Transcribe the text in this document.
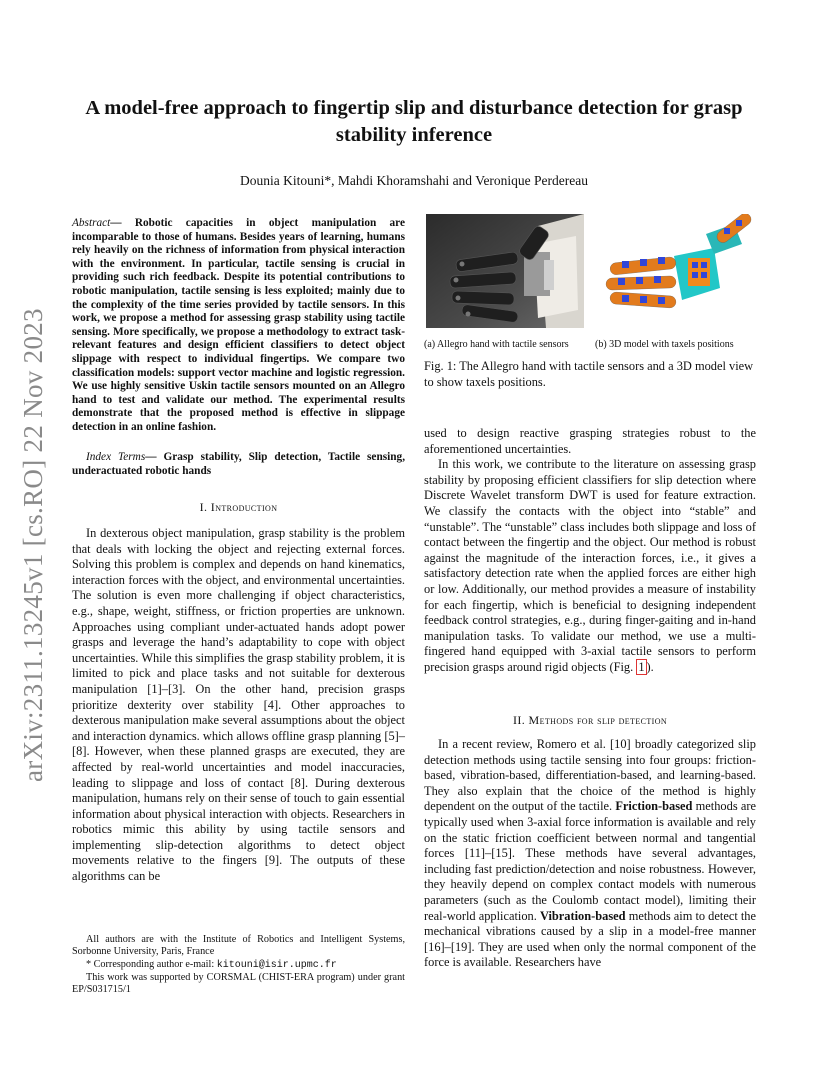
A model-free approach to fingertip slip and disturbance detection for grasp stability inference
Dounia Kitouni*, Mahdi Khoramshahi and Veronique Perdereau
arXiv:2311.13245v1 [cs.RO] 22 Nov 2023
Abstract— Robotic capacities in object manipulation are incomparable to those of humans. Besides years of learning, humans rely heavily on the richness of information from physical interaction with the environment. In particular, tactile sensing is crucial in providing such rich feedback. Despite its potential contributions to robotic manipulation, tactile sensing is less exploited; mainly due to the complexity of the time series provided by tactile sensors. In this work, we propose a method for assessing grasp stability using tactile sensing. More specifically, we propose a methodology to extract task-relevant features and design efficient classifiers to detect object slippage with respect to individual fingertips. We compare two classification models: support vector machine and logistic regression. We use highly sensitive Uskin tactile sensors mounted on an Allegro hand to test and validate our method. The experimental results demonstrate that the proposed method is effective in slippage detection in an online fashion.
Index Terms— Grasp stability, Slip detection, Tactile sensing, underactuated robotic hands
I. Introduction

In dexterous object manipulation, grasp stability is the problem that deals with locking the object and rejecting external forces. Solving this problem is complex and depends on hand kinematics, interaction forces with the object, and environmental uncertainties. The solution is even more challenging if object characteristics, e.g., shape, weight, stiffness, or friction properties are unknown. Approaches using compliant under-actuated hands adopt power grasps and leverage the hand’s adaptability to cope with object uncertainties. While this simplifies the grasp stability problem, it is limited to pick and place tasks and not suitable for dexterous manipulation [1]–[3]. On the other hand, precision grasps prioritize dexterity over stability [4]. Other approaches to dexterous manipulation make several assumptions about the object and interaction dynamics. which allows offline grasp planning [5]–[8]. However, when these planned grasps are executed, they are affected by real-world uncertainties and model inaccuracies, leading to slippage and loss of contact [8]. During dexterous manipulation, humans rely on their sense of touch to gain essential information about physical interaction with objects. Researchers in robotics mimic this ability by using tactile sensors and implementing slip-detection algorithms to detect object movements relative to the fingers [9]. The outputs of these algorithms can be

All authors are with the Institute of Robotics and Intelligent Systems, Sorbonne University, Paris, France

* Corresponding author e-mail: kitouni@isir.upmc.fr

This work was supported by CORSMAL (CHIST-ERA program) under grant EP/S031715/1

(a) Allegro hand with tactile sensors	(b) 3D model with taxels positions
Fig. 1: The Allegro hand with tactile sensors and a 3D model view to show taxels positions.

used to design reactive grasping strategies robust to the aforementioned uncertainties.

In this work, we contribute to the literature on assessing grasp stability by proposing efficient classifiers for slip detection where Discrete Wavelet transform DWT is used for feature extraction. We classify the contacts with the object into “stable” and “unstable”. The “unstable” class includes both slippage and loss of contact between the fingertip and the object. Our method is robust against the magnitude of the interaction forces, i.e., it gives a satisfactory detection rate when the applied forces are either high or low. Additionally, our method provides a measure of instability for each fingertip, which is beneficial to designing independent feedback control strategies, e.g., during finger-gaiting and in-hand manipulation tasks. To validate our method, we use a multi-fingered hand equipped with 3-axial tactile sensors to perform precision grasps around rigid objects (Fig. 1 ).

II. Methods for slip detection

In a recent review, Romero et al. [10] broadly categorized slip detection methods using tactile sensing into four groups: friction-based, vibration-based, differentiation-based, and learning-based. They also explain that the choice of the method is highly dependent on the output of the tactile. Friction-based methods are typically used when 3-axial force information is available and rely on the static friction coefficient between normal and tangential forces [11]–[15]. These methods have several advantages, including fast prediction/detection and noise robustness. However, they heavily depend on complex contact models with numerous parameters (such as the Coulomb contact model), limiting their real-world application. Vibration-based methods aim to detect the mechanical vibrations caused by a slip in a model-free manner [16]–[19]. They are used when only the normal component of the force is available. Researchers have
